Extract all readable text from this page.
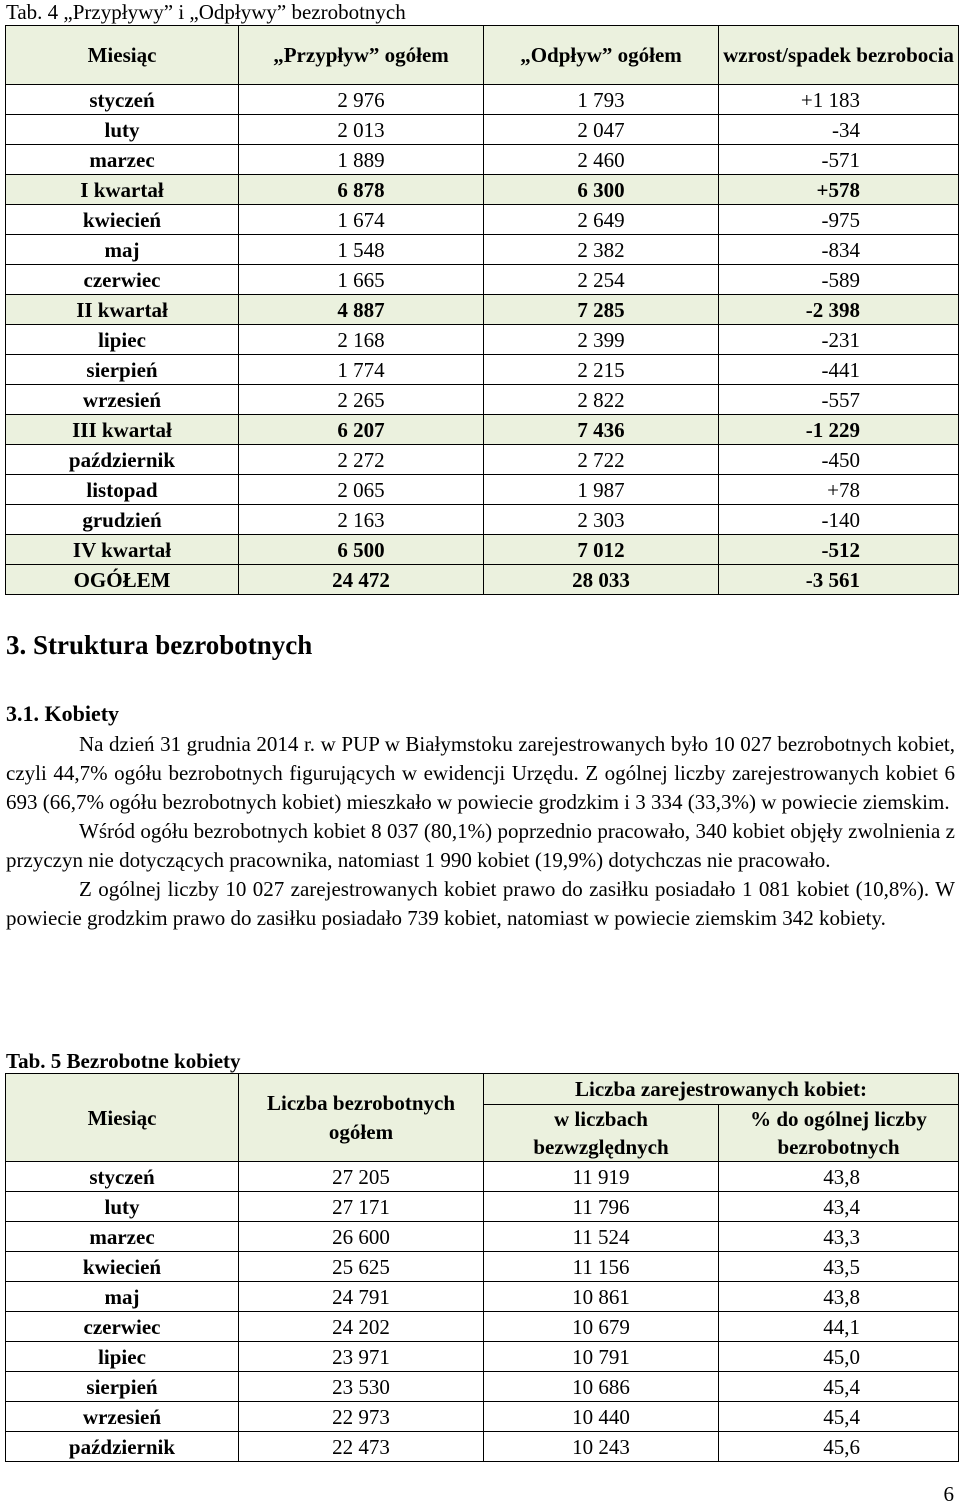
Tab. 4 „Przypływy” i „Odpływy” bezrobotnych

Miesiąc	„Przypływ” ogółem	„Odpływ” ogółem	wzrost/spadek bezrobocia
styczeń	2 976	1 793	+1 183
luty	2 013	2 047	-34
marzec	1 889	2 460	-571
I kwartał	6 878	6 300	+578
kwiecień	1 674	2 649	-975
maj	1 548	2 382	-834
czerwiec	1 665	2 254	-589
II kwartał	4 887	7 285	-2 398
lipiec	2 168	2 399	-231
sierpień	1 774	2 215	-441
wrzesień	2 265	2 822	-557
III kwartał	6 207	7 436	-1 229
październik	2 272	2 722	-450
listopad	2 065	1 987	+78
grudzień	2 163	2 303	-140
IV kwartał	6 500	7 012	-512
OGÓŁEM	24 472	28 033	-3 561
3. Struktura bezrobotnych
3.1. Kobiety

Na dzień 31 grudnia 2014 r. w PUP w Białymstoku zarejestrowanych było 10 027 bezrobotnych kobiet, czyli 44,7% ogółu bezrobotnych figurujących w ewidencji Urzędu. Z ogólnej liczby zarejestrowanych kobiet 6 693 (66,7% ogółu bezrobotnych kobiet) mieszkało w powiecie grodzkim i 3 334 (33,3%) w powiecie ziemskim.

Wśród ogółu bezrobotnych kobiet 8 037 (80,1%) poprzednio pracowało, 340 kobiet objęły zwolnienia z przyczyn nie dotyczących pracownika, natomiast 1 990 kobiet (19,9%) dotychczas nie pracowało.

Z ogólnej liczby 10 027 zarejestrowanych kobiet prawo do zasiłku posiadało 1 081 kobiet (10,8%). W powiecie grodzkim prawo do zasiłku posiadało 739 kobiet, natomiast w powiecie ziemskim 342 kobiety.

Tab. 5 Bezrobotne kobiety

Miesiąc	Liczba bezrobotnych ogółem	Liczba zarejestrowanych kobiet:	
		w liczbach bezwzględnych	% do ogólnej liczby bezrobotnych
styczeń	27 205	11 919	43,8
luty	27 171	11 796	43,4
marzec	26 600	11 524	43,3
kwiecień	25 625	11 156	43,5
maj	24 791	10 861	43,8
czerwiec	24 202	10 679	44,1
lipiec	23 971	10 791	45,0
sierpień	23 530	10 686	45,4
wrzesień	22 973	10 440	45,4
październik	22 473	10 243	45,6
6
